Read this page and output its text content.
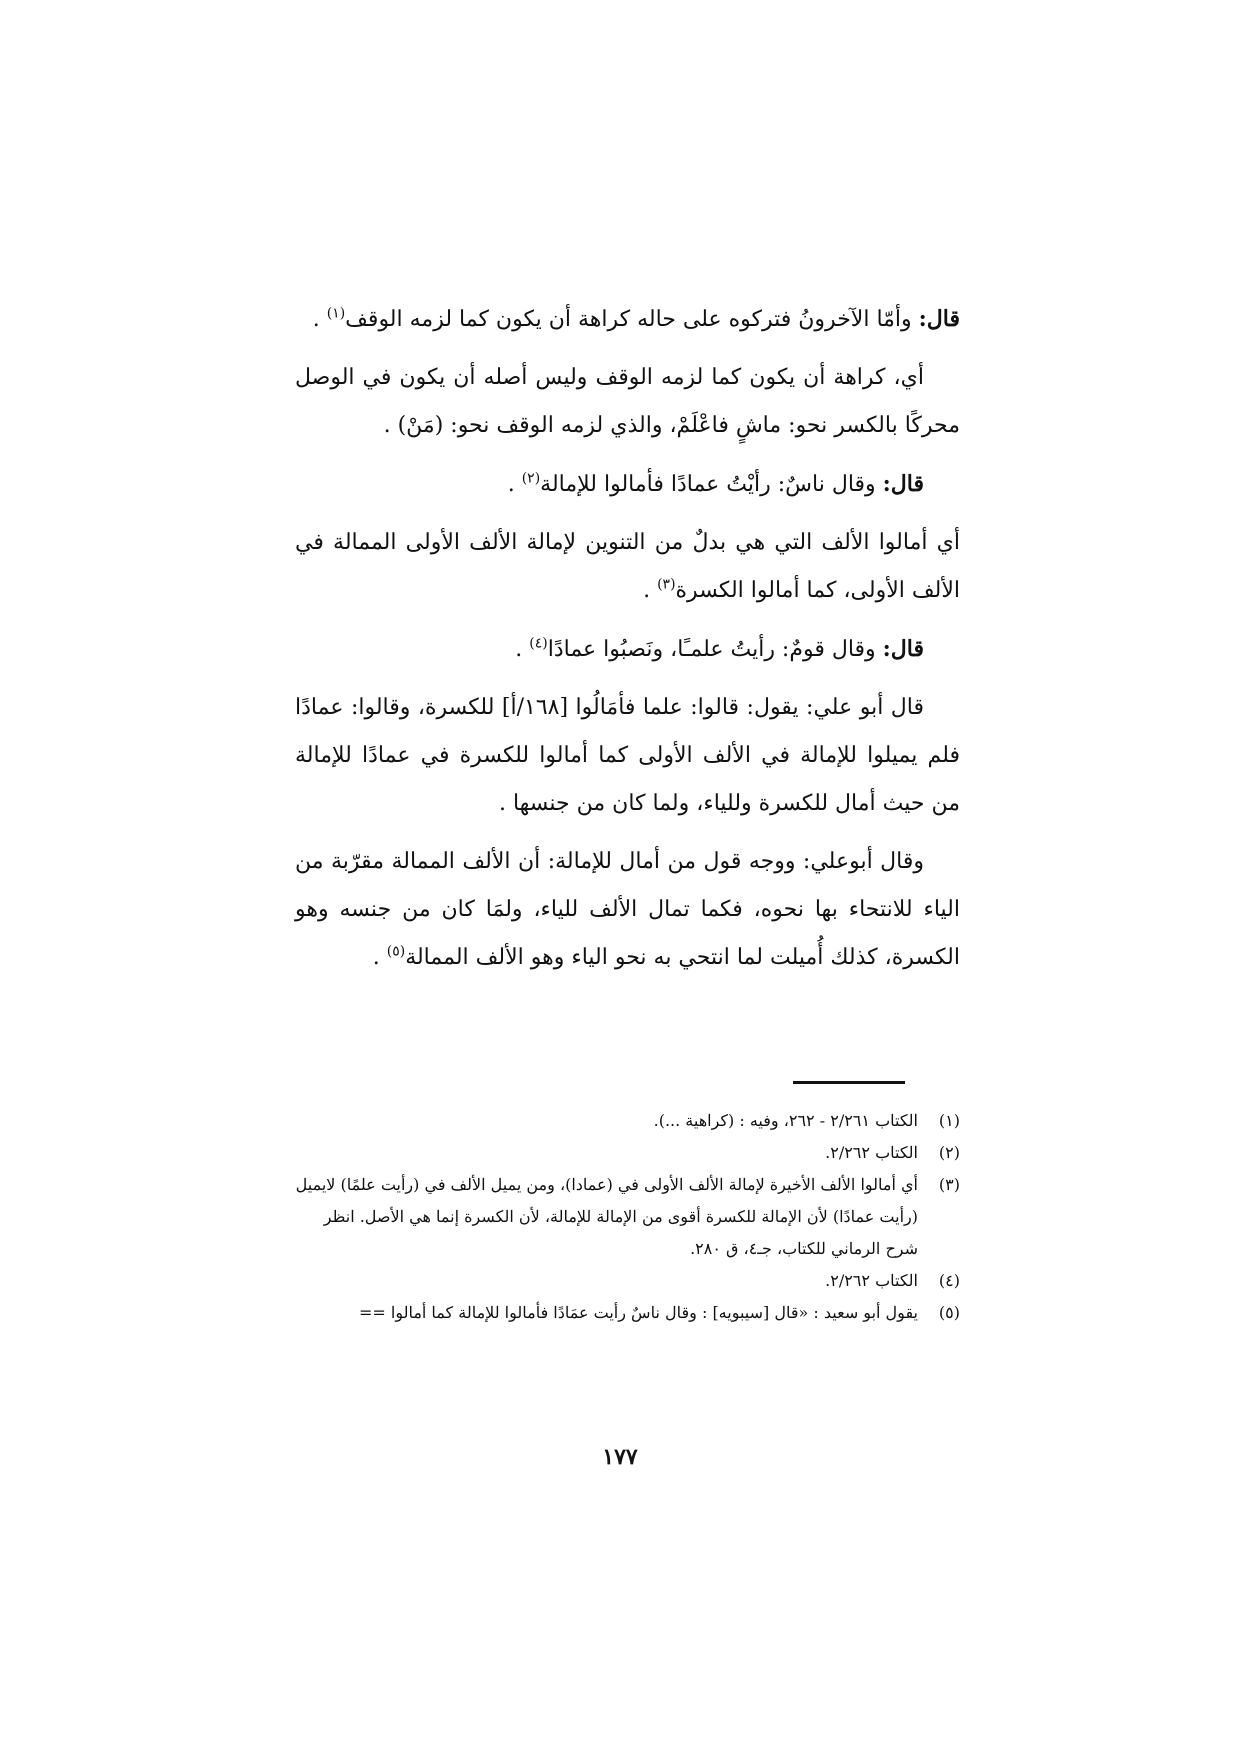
قال: وأمّا الآخرونُ فتركوه على حاله كراهة أن يكون كما لزمه الوقف$^{(١)}$ .

أي، كراهة أن يكون كما لزمه الوقف وليس أصله أن يكون في الوصل محركًا بالكسر نحو: ماشٍ فاعْلَمْ، والذي لزمه الوقف نحو: (مَنْ) .

قال: وقال ناسٌ: رأيْتُ عمادًا فأمالوا للإمالة$^{(٢)}$ .

أي أمالوا الألف التي هي بدلٌ من التنوين لإمالة الألف الأولى الممالة في الألف الأولى، كما أمالوا الكسرة$^{(٣)}$ .

قال: وقال قومٌ: رأيتُ علمـًا، ونَصبُوا عمادًا$^{(٤)}$ .

قال أبو علي: يقول: قالوا: علما فأمَالُوا [١٦٨/أ] للكسرة، وقالوا: عمادًا فلم يميلوا للإمالة في الألف الأولى كما أمالوا للكسرة في عمادًا للإمالة من حيث أمال للكسرة وللياء، ولما كان من جنسها .

وقال أبوعلي: ووجه قول من أمال للإمالة: أن الألف الممالة مقرّبة من الياء للانتحاء بها نحوه، فكما تمال الألف للياء، ولمَا كان من جنسه وهو الكسرة، كذلك أُميلت لما انتحي به نحو الياء وهو الألف الممالة$^{(٥)}$ .

(١)
الكتاب ٢/٢٦١ - ٢٦٢، وفيه : (كراهية ...).
(٢)
الكتاب ٢/٢٦٢.
(٣)
أي أمالوا الألف الأخيرة لإمالة الألف الأولى في (عمادا)، ومن يميل الألف في (رأيت علمًا) لايميل (رأيت عمادًا) لأن الإمالة للكسرة أقوى من الإمالة للإمالة، لأن الكسرة إنما هي الأصل. انظر شرح الرماني للكتاب، جـ٤، ق ٢٨٠.
(٤)
الكتاب ٢/٢٦٢.
(٥)
يقول أبو سعيد : «قال [سيبويه] : وقال ناسٌ رأيت عمَادًا فأمالوا للإمالة كما أمالوا ==
١٧٧
